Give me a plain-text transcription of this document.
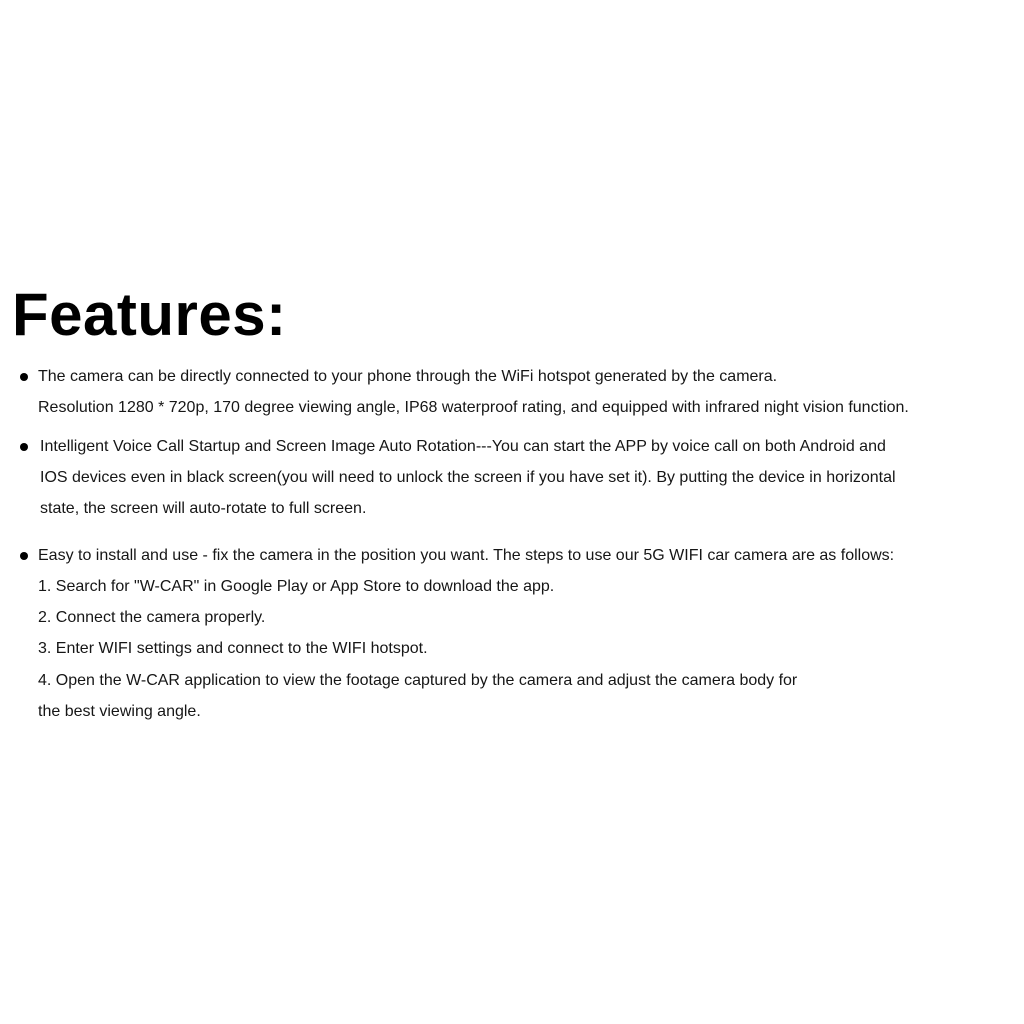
Features:
The camera can be directly connected to your phone through the WiFi hotspot generated by the camera.
Resolution 1280 * 720p, 170 degree viewing angle, IP68 waterproof rating, and equipped with infrared night vision function.
Intelligent Voice Call Startup and Screen Image Auto Rotation---You can start the APP by voice call on both Android and
IOS devices even in black screen(you will need to unlock the screen if you have set it). By putting the device in horizontal
state, the screen will auto-rotate to full screen.
Easy to install and use - fix the camera in the position you want. The steps to use our 5G WIFI car camera are as follows:
1. Search for "W-CAR" in Google Play or App Store to download the app.
2. Connect the camera properly.
3. Enter WIFI settings and connect to the WIFI hotspot.
4. Open the W-CAR application to view the footage captured by the camera and adjust the camera body for
the best viewing angle.
